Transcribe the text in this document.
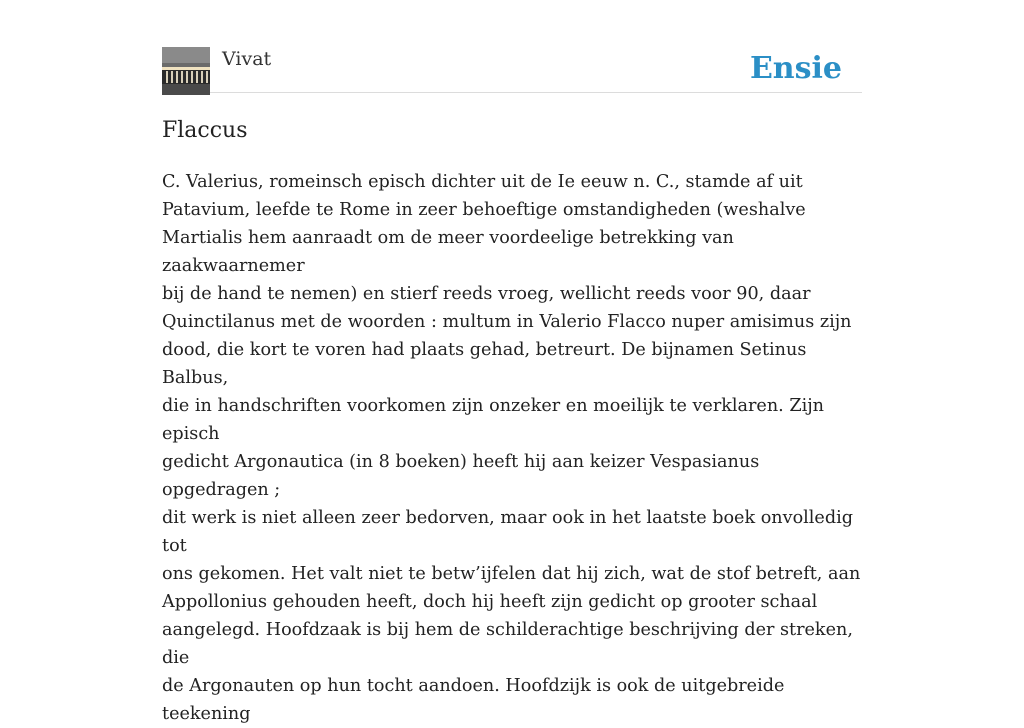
Vivat	Ensie
Flaccus

C. Valerius, romeinsch episch dichter uit de Ie eeuw n. C., stamde af uit
Patavium, leefde te Rome in zeer behoeftige omstandigheden (weshalve
Martialis hem aanraadt om de meer voordeelige betrekking van zaakwaarnemer
bij de hand te nemen) en stierf reeds vroeg, wellicht reeds voor 90, daar
Quinctilanus met de woorden : multum in Valerio Flacco nuper amisimus zijn
dood, die kort te voren had plaats gehad, betreurt. De bijnamen Setinus Balbus,
die in handschriften voorkomen zijn onzeker en moeilijk te verklaren. Zijn episch
gedicht Argonautica (in 8 boeken) heeft hij aan keizer Vespasianus opgedragen ;
dit werk is niet alleen zeer bedorven, maar ook in het laatste boek onvolledig tot
ons gekomen. Het valt niet te betw’ijfelen dat hij zich, wat de stof betreft, aan
Appollonius gehouden heeft, doch hij heeft zijn gedicht op grooter schaal
aangelegd. Hoofdzaak is bij hem de schilderachtige beschrijving der streken, die
de Argonauten op hun tocht aandoen. Hoofdzijk is ook de uitgebreide teekening
